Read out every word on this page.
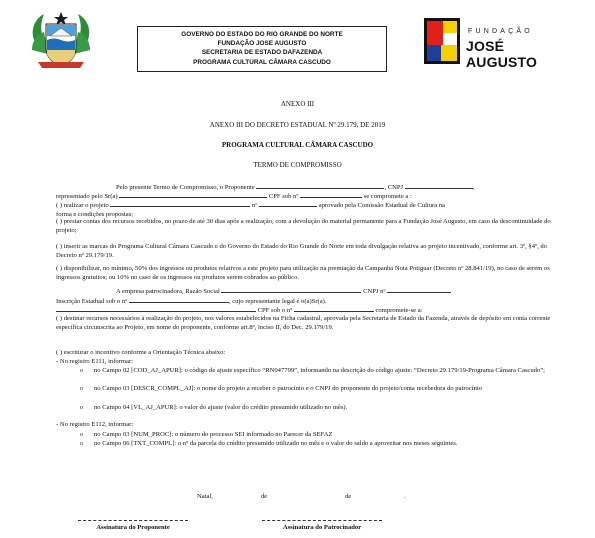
GOVERNO DO ESTADO DO RIO GRANDE DO NORTE
FUNDAÇÃO JOSE AUGUSTO
SECRETARIA DE ESTADO DAFAZENDA
PROGRAMA CULTURAL CÂMARA CASCUDO
FUNDAÇÃO
JOSÉ AUGUSTO
ANEXO III
ANEXO III DO DECRETO ESTADUAL Nº 29.179, DE 2019
PROGRAMA CULTURAL CÂMARA CASCUDO
TERMO DE COMPROMISSO
Pelo presente Termo de Compromisso, o Proponente	, CNPJ	,
representado pelo Sr(a)	CPF sob nº	se compromete a :
( ) realizar o projeto	nº	aprovado pela Comissão Estadual de Cultura na
forma e condições propostas;
( ) prestar contas dos recursos recebidos, no prazo de até 30 dias após a realização, com a devolução do material permanente para a Fundação José Augusto, em caso da descontinuidade do projeto;
( ) inserir as marcas do Programa Cultural Câmara Cascudo e do Governo do Estado do Rio Grande do Norte em toda divulgação relativa ao projeto incentivado, conforme art. 3º, §4º, do Decreto nº 29.179/19.
( ) disponibilizar, no mínimo, 50% dos ingressos ou produtos relativos a este projeto para utilização na premiação da Campanha Nota Potiguar (Decreto nº 28.841/19), no caso de serem os ingressos gratuitos; ou 10% no caso de os ingressos ou produtos serem cobrados ao público.
A empresa patrocinadora, Razão Social	CNPJ nº
Inscrição Estadual sob o nº	, cujo representante legal é o(a)Sr(a).
CPF sob o nº	compromete-se a:
( ) destinar recursos necessários à realização do projeto, nos valores estabelecidos na Ficha cadastral, aprovada pela Secretaria de Estado da Fazenda, através de depósito em conta corrente específica circunscrita ao Projeto, em nome do proponente, conforme art.8º, inciso II, do Dec. 29.179/19.
( ) escriturar o incentivo conforme a Orientação Técnica abaixo:
- No registro E111, informar:
o no Campo 02 [COD_AJ_APUR]: o código de ajuste específico “RN047799”, informando na descrição do código ajuste: “Decreto 29.179/19-Programa Câmara Cascudo”;
o no Campo 03 [DESCR_COMPL_AJ]: o nome do projeto a receber o patrocínio e o CNPJ do proponente do projeto/conta recebedora do patrocínio
o no Campo 04 [VL_AJ_APUR]: o valor do ajuste (valor do crédito presumido utilizado no mês).
- No registro E112, informar:
o no Campo 03 [NUM_PROC]: o número do processo SEI informado no Parecer da SEFAZ
o no Campo 06 [TXT_COMPL]: o nº da parcela do crédito presumido utilizado no mês e o valor do saldo a aproveitar nos meses seguintes.
Natal,	de	de	.
Assinatura do Proponente	Assinatura do Patrocinador
